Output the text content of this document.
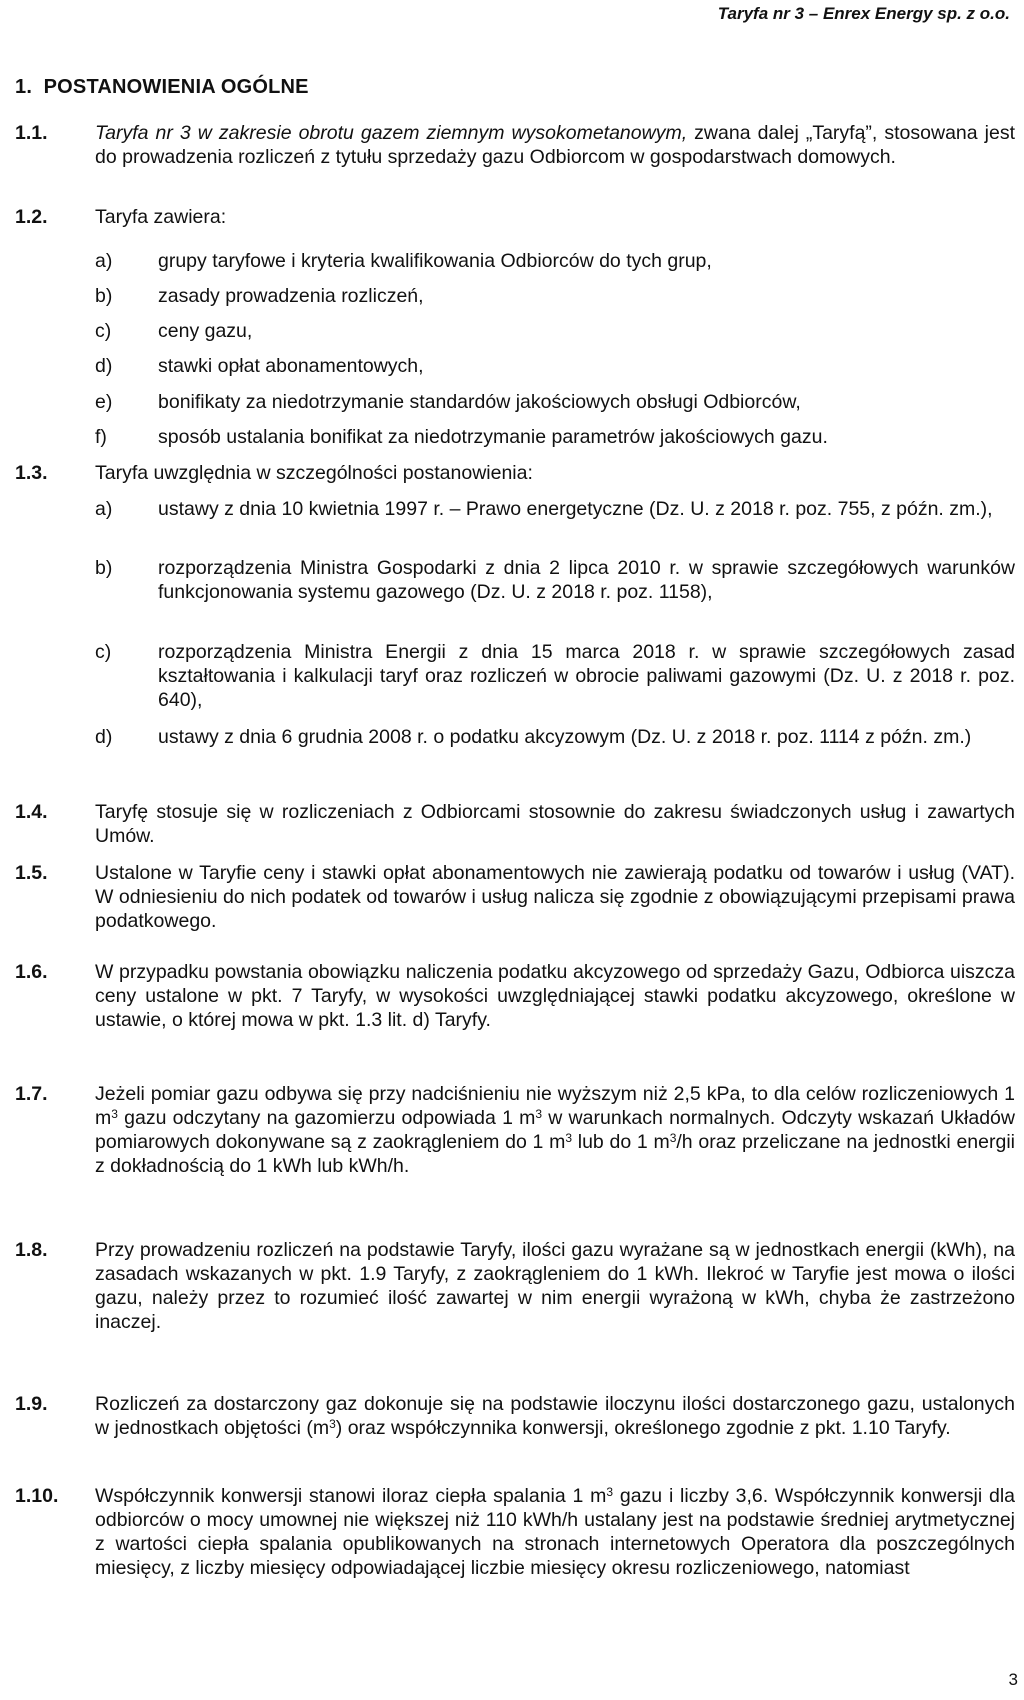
Taryfa nr 3 – Enrex Energy sp. z o.o.
1. POSTANOWIENIA OGÓLNE
1.1. Taryfa nr 3 w zakresie obrotu gazem ziemnym wysokometanowym, zwana dalej „Taryfą”, stosowana jest do prowadzenia rozliczeń z tytułu sprzedaży gazu Odbiorcom w gospodarstwach domowych.
1.2. Taryfa zawiera:
a) grupy taryfowe i kryteria kwalifikowania Odbiorców do tych grup,
b) zasady prowadzenia rozliczeń,
c) ceny gazu,
d) stawki opłat abonamentowych,
e) bonifikaty za niedotrzymanie standardów jakościowych obsługi Odbiorców,
f)	sposób ustalania bonifikat za niedotrzymanie parametrów jakościowych gazu.
1.3. Taryfa uwzględnia w szczególności postanowienia:
a) ustawy z dnia 10 kwietnia 1997 r. – Prawo energetyczne (Dz. U. z 2018 r. poz. 755, z późn. zm.),
b) rozporządzenia Ministra Gospodarki z dnia 2 lipca 2010 r. w sprawie szczegółowych warunków funkcjonowania systemu gazowego (Dz. U. z 2018 r. poz. 1158),
c) rozporządzenia Ministra Energii z dnia 15 marca 2018 r. w sprawie szczegółowych zasad kształtowania i kalkulacji taryf oraz rozliczeń w obrocie paliwami gazowymi (Dz. U. z 2018 r. poz. 640),
d) ustawy z dnia 6 grudnia 2008 r. o podatku akcyzowym (Dz. U. z 2018 r. poz. 1114 z późn. zm.)
1.4. Taryfę stosuje się w rozliczeniach z Odbiorcami stosownie do zakresu świadczonych usług i zawartych Umów.
1.5. Ustalone w Taryfie ceny i stawki opłat abonamentowych nie zawierają podatku od towarów i usług (VAT). W odniesieniu do nich podatek od towarów i usług nalicza się zgodnie z obowiązującymi przepisami prawa podatkowego.
1.6. W przypadku powstania obowiązku naliczenia podatku akcyzowego od sprzedaży Gazu, Odbiorca uiszcza ceny ustalone w pkt. 7 Taryfy, w wysokości uwzględniającej stawki podatku akcyzowego, określone w ustawie, o której mowa w pkt. 1.3 lit. d) Taryfy.
1.7. Jeżeli pomiar gazu odbywa się przy nadciśnieniu nie wyższym niż 2,5 kPa, to dla celów rozliczeniowych 1 $m^3$ gazu odczytany na gazomierzu odpowiada 1 $m^3$ w warunkach normalnych. Odczyty wskazań Układów pomiarowych dokonywane są z zaokrągleniem do 1 $m^3$ lub do 1 $m^3/h$ oraz przeliczane na jednostki energii z dokładnością do 1 kWh lub kWh/h.
1.8. Przy prowadzeniu rozliczeń na podstawie Taryfy, ilości gazu wyrażane są w jednostkach energii (kWh), na zasadach wskazanych w pkt. 1.9 Taryfy, z zaokrągleniem do 1 kWh. Ilekroć w Taryfie jest mowa o ilości gazu, należy przez to rozumieć ilość zawartej w nim energii wyrażoną w kWh, chyba że zastrzeżono inaczej.
1.9. Rozliczeń za dostarczony gaz dokonuje się na podstawie iloczynu ilości dostarczonego gazu, ustalonych w jednostkach objętości $(m^3)$ oraz współczynnika konwersji, określonego zgodnie z pkt. 1.10 Taryfy.
1.10. Współczynnik konwersji stanowi iloraz ciepła spalania 1 $m^3$ gazu i liczby 3,6. Współczynnik konwersji dla odbiorców o mocy umownej nie większej niż 110 kWh/h ustalany jest na podstawie średniej arytmetycznej z wartości ciepła spalania opublikowanych na stronach internetowych Operatora dla poszczególnych miesięcy, z liczby miesięcy odpowiadającej liczbie miesięcy okresu rozliczeniowego, natomiast
3
